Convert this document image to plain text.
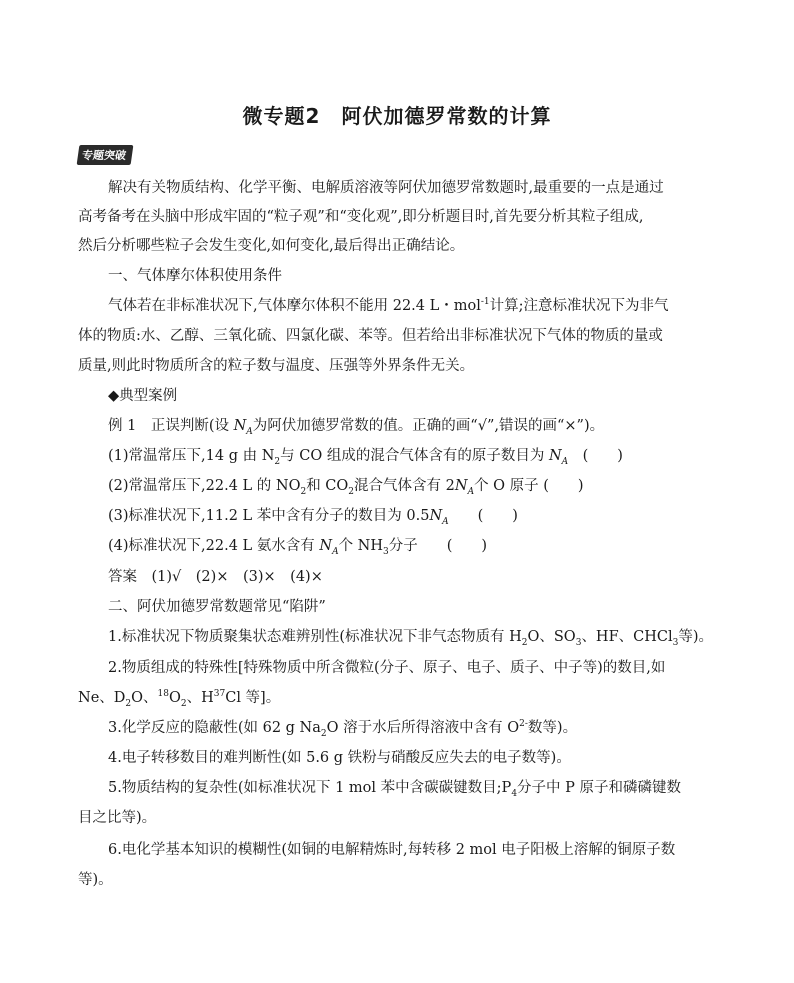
微专题2　阿伏加德罗常数的计算
专
题
突
破
解决有关物质结构、化学平衡、电解质溶液等阿伏加德罗常数题时,最重要的一点是通过
高考备考在头脑中形成牢固的“粒子观”和“变化观”,即分析题目时,首先要分析其粒子组成,
然后分析哪些粒子会发生变化,如何变化,最后得出正确结论。
一、气体摩尔体积使用条件
气体若在非标准状况下,气体摩尔体积不能用 22.4 L・mol$^{-1}$计算;注意标准状况下为非气
体的物质:水、乙醇、三氧化硫、四氯化碳、苯等。但若给出非标准状况下气体的物质的量或
质量,则此时物质所含的粒子数与温度、压强等外界条件无关。
◆典型案例
例 1　正误判断(设 $N_A$为阿伏加德罗常数的值。正确的画“√”,错误的画“×”)。
(1)常温常压下,14 g 由 $N_2$与 CO 组成的混合气体含有的原子数目为 $N_A$　(　　)
(2)常温常压下,22.4 L 的 $NO_2$和 $CO_2$混合气体含有 $2N_A$个 O 原子 (　　)
(3)标准状况下,11.2 L 苯中含有分子的数目为 $0.5N_A$　　(　　)
(4)标准状况下,22.4 L 氨水含有 $N_A$个 $NH_3$分子　　(　　)
答案　(1)√　(2)×　(3)×　(4)×
二、阿伏加德罗常数题常见“陷阱”
1.标准状况下物质聚集状态难辨别性(标准状况下非气态物质有 $H_2O$、$SO_3$、HF、CHCl$_3$等)。
2.物质组成的特殊性[特殊物质中所含微粒(分子、原子、电子、质子、中子等)的数目,如
Ne、$D_2O$、$^{18}O_2$、$H^{37}Cl$ 等]。
3.化学反应的隐蔽性(如 62 g $Na_2O$ 溶于水后所得溶液中含有 $O^{2-}$数等)。
4.电子转移数目的难判断性(如 5.6 g 铁粉与硝酸反应失去的电子数等)。
5.物质结构的复杂性(如标准状况下 1 mol 苯中含碳碳键数目$;P_4$分子中 P 原子和磷磷键数
目之比等)。
6.电化学基本知识的模糊性(如铜的电解精炼时,每转移 2 mol 电子阳极上溶解的铜原子数
等)。
